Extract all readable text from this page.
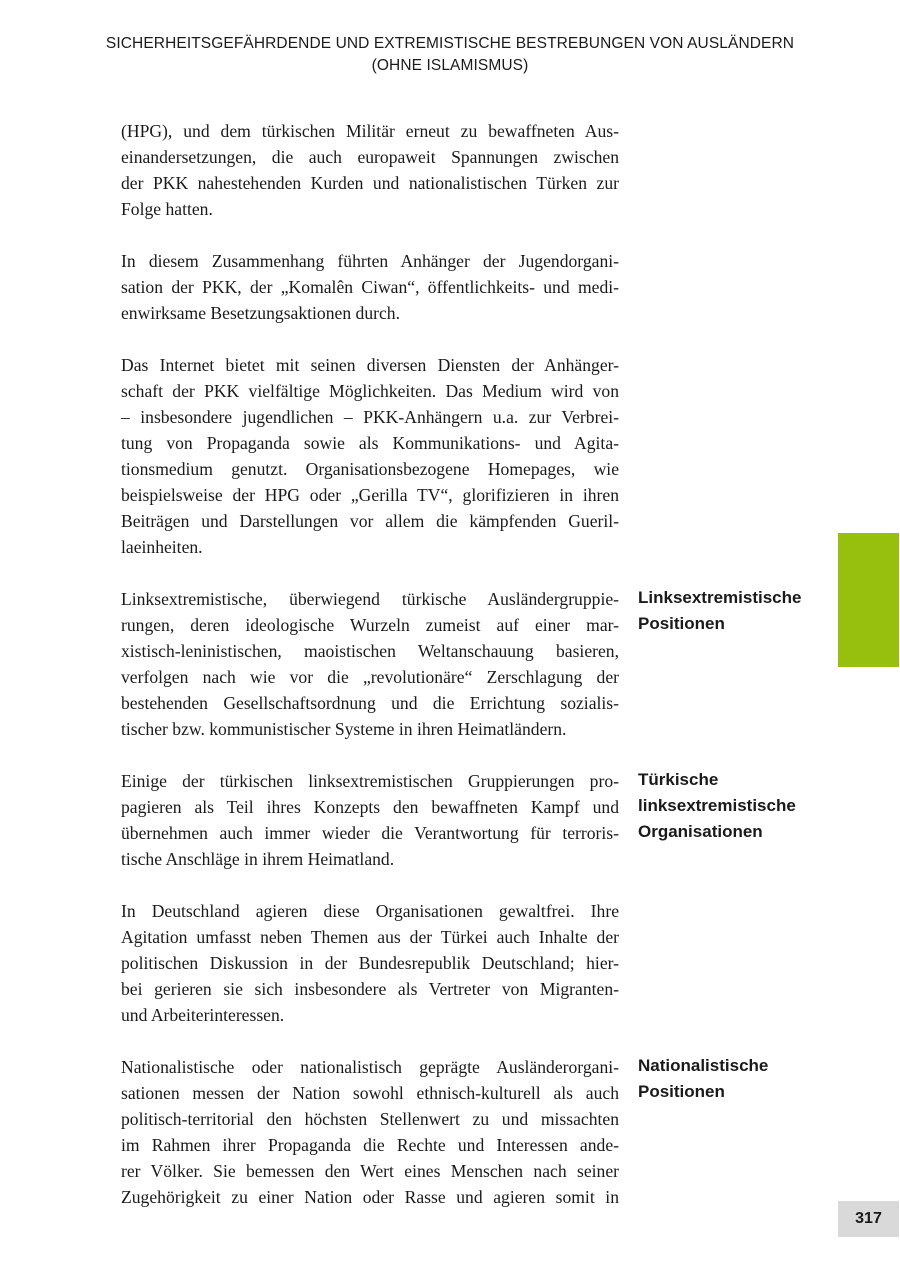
SICHERHEITSGEFÄHRDENDE UND EXTREMISTISCHE BESTREBUNGEN VON AUSLÄNDERN
(OHNE ISLAMISMUS)

(HPG), und dem türkischen Militär erneut zu bewaffneten Aus-
einandersetzungen, die auch europaweit Spannungen zwischen
der PKK nahestehenden Kurden und nationalistischen Türken zur
Folge hatten.

In diesem Zusammenhang führten Anhänger der Jugendorgani-
sation der PKK, der „Komalên Ciwan“, öffentlichkeits- und medi-
enwirksame Besetzungsaktionen durch.

Das Internet bietet mit seinen diversen Diensten der Anhänger-
schaft der PKK vielfältige Möglichkeiten. Das Medium wird von
– insbesondere jugendlichen – PKK-Anhängern u.a. zur Verbrei-
tung von Propaganda sowie als Kommunikations- und Agita-
tionsmedium genutzt. Organisationsbezogene Homepages, wie
beispielsweise der HPG oder „Gerilla TV“, glorifizieren in ihren
Beiträgen und Darstellungen vor allem die kämpfenden Gueril-
laeinheiten.

Linksextremistische, überwiegend türkische Ausländergruppie-
rungen, deren ideologische Wurzeln zumeist auf einer mar-
xistisch-leninistischen, maoistischen Weltanschauung basieren,
verfolgen nach wie vor die „revolutionäre“ Zerschlagung der
bestehenden Gesellschaftsordnung und die Errichtung sozialis-
tischer bzw. kommunistischer Systeme in ihren Heimatländern.

Einige der türkischen linksextremistischen Gruppierungen pro-
pagieren als Teil ihres Konzepts den bewaffneten Kampf und
übernehmen auch immer wieder die Verantwortung für terroris-
tische Anschläge in ihrem Heimatland.

In Deutschland agieren diese Organisationen gewaltfrei. Ihre
Agitation umfasst neben Themen aus der Türkei auch Inhalte der
politischen Diskussion in der Bundesrepublik Deutschland; hier-
bei gerieren sie sich insbesondere als Vertreter von Migranten-
und Arbeiterinteressen.

Nationalistische oder nationalistisch geprägte Ausländerorgani-
sationen messen der Nation sowohl ethnisch-kulturell als auch
politisch-territorial den höchsten Stellenwert zu und missachten
im Rahmen ihrer Propaganda die Rechte und Interessen ande-
rer Völker. Sie bemessen den Wert eines Menschen nach seiner
Zugehörigkeit zu einer Nation oder Rasse und agieren somit in

Linksextremistische
Positionen
Türkische
linksextremistische
Organisationen
Nationalistische
Positionen
317
